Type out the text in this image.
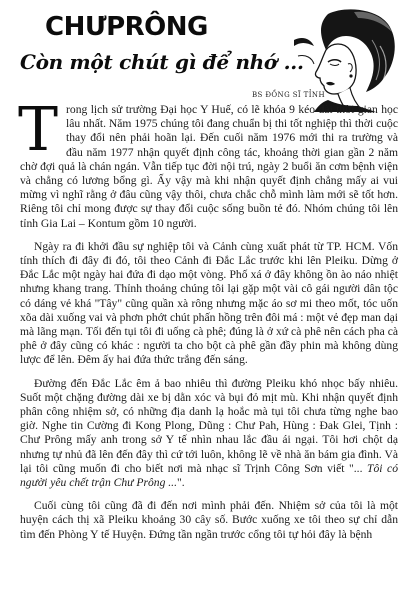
CHƯPRÔNG
Còn một chút gì để nhớ ...
BS ĐỒNG SĨ TỈNH

Trong lịch sử trường Đại học Y Huế, có lẽ khóa 9 kéo dài thời gian học lâu nhất. Năm 1975 chúng tôi đang chuẩn bị thi tốt nghiệp thì thời cuộc thay đổi nên phải hoãn lại. Đến cuối năm 1976 mới thi ra trường và đầu năm 1977 nhận quyết định công tác, khoảng thời gian gần 2 năm chờ đợi quả là chán ngán. Vẫn tiếp tục đời nội trú, ngày 2 buổi ăn cơm bệnh viện và chẳng có lương bổng gì. Ấy vậy mà khi nhận quyết định chẳng mấy ai vui mừng vì nghĩ rằng ở đâu cũng vậy thôi, chưa chắc chỗ mình làm mới sẽ tốt hơn. Riêng tôi chỉ mong được sự thay đổi cuộc sống buồn tẻ đó. Nhóm chúng tôi lên tỉnh Gia Lai – Kontum gồm 10 người.

Ngày ra đi khởi đầu sự nghiệp tôi và Cảnh cùng xuất phát từ TP. HCM. Vốn tính thích đi đây đi đó, tôi theo Cảnh đi Đắc Lắc trước khi lên Pleiku. Dừng ở Đắc Lắc một ngày hai đứa đi dạo một vòng. Phố xá ở đây không ồn ào náo nhiệt nhưng khang trang. Thỉnh thoảng chúng tôi lại gặp một vài cô gái người dân tộc có dáng vẻ khá "Tây" cũng quần xà rông nhưng mặc áo sơ mi theo mốt, tóc uốn xõa dài xuống vai và phơn phớt chút phấn hồng trên đôi má : một vẻ đẹp man dại mà lãng mạn. Tối đến tụi tôi đi uống cà phê; đúng là ở xứ cà phê nên cách pha cà phê ở đây cũng có khác : người ta cho bột cà phê gần đầy phin mà không dùng lược để lên. Đêm ấy hai đứa thức trắng đến sáng.

Đường đến Đắc Lắc êm ả bao nhiêu thì đường Pleiku khó nhọc bấy nhiêu. Suốt một chặng đường dài xe bị dằn xóc và bụi đỏ mịt mù. Khi nhận quyết định phân công nhiệm sở, có những địa danh lạ hoắc mà tụi tôi chưa từng nghe bao giờ. Nghe tin Cường đi Kong Plong, Dũng : Chư Pah, Hùng : Đak Glei, Tịnh : Chư Prông mấy anh trong sở Y tế nhìn nhau lắc đầu ái ngại. Tôi hơi chột dạ nhưng tự nhủ đã lên đến đây thì cứ tới luôn, không lẽ về nhà ăn bám gia đình. Và lại tôi cũng muốn đi cho biết nơi mà nhạc sĩ Trịnh Công Sơn viết "... Tôi có người yêu chết trận Chư Prông ...".

Cuối cùng tôi cũng đã đi đến nơi mình phải đến. Nhiệm sở của tôi là một huyện cách thị xã Pleiku khoảng 30 cây số. Bước xuống xe tôi theo sự chỉ dẫn tìm đến Phòng Y tế Huyện. Đứng tần ngần trước cổng tôi tự hỏi đây là bệnh
